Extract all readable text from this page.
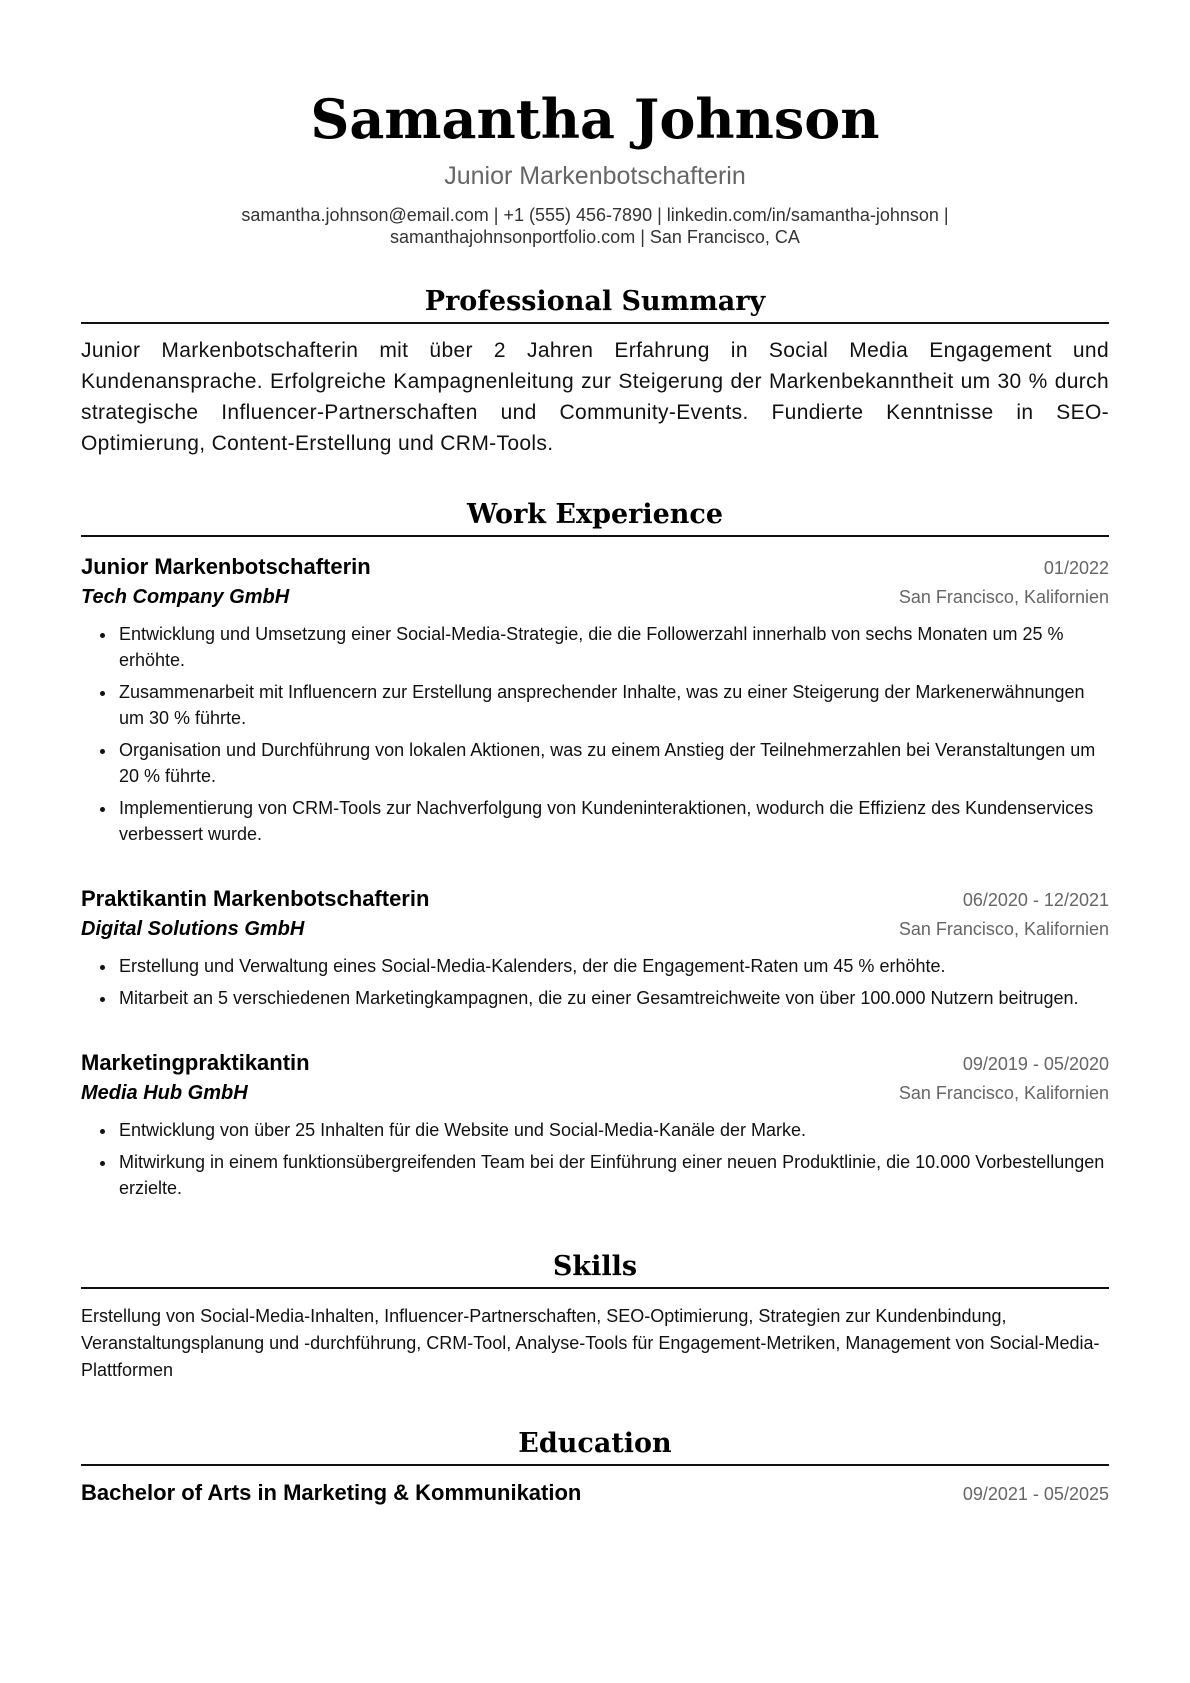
Samantha Johnson
Junior Markenbotschafterin
samantha.johnson@email.com | +1 (555) 456-7890 | linkedin.com/in/samantha-johnson |
samanthajohnsonportfolio.com | San Francisco, CA
Professional Summary
Junior Markenbotschafterin mit über 2 Jahren Erfahrung in Social Media Engagement und Kundenansprache. Erfolgreiche Kampagnenleitung zur Steigerung der Markenbekanntheit um 30 % durch strategische Influencer-Partnerschaften und Community-Events. Fundierte Kenntnisse in SEO-Optimierung, Content-Erstellung und CRM-Tools.
Work Experience
Junior Markenbotschafterin	01/2022
Tech Company GmbH	San Francisco, Kalifornien
• Entwicklung und Umsetzung einer Social-Media-Strategie, die die Followerzahl innerhalb von sechs Monaten um 25 % erhöhte.
• Zusammenarbeit mit Influencern zur Erstellung ansprechender Inhalte, was zu einer Steigerung der Markenerwähnungen um 30 % führte.
• Organisation und Durchführung von lokalen Aktionen, was zu einem Anstieg der Teilnehmerzahlen bei Veranstaltungen um 20 % führte.
• Implementierung von CRM-Tools zur Nachverfolgung von Kundeninteraktionen, wodurch die Effizienz des Kundenservices verbessert wurde.
Praktikantin Markenbotschafterin	06/2020 - 12/2021
Digital Solutions GmbH	San Francisco, Kalifornien
• Erstellung und Verwaltung eines Social-Media-Kalenders, der die Engagement-Raten um 45 % erhöhte.
• Mitarbeit an 5 verschiedenen Marketingkampagnen, die zu einer Gesamtreichweite von über 100.000 Nutzern beitrugen.
Marketingpraktikantin	09/2019 - 05/2020
Media Hub GmbH	San Francisco, Kalifornien
• Entwicklung von über 25 Inhalten für die Website und Social-Media-Kanäle der Marke.
• Mitwirkung in einem funktionsübergreifenden Team bei der Einführung einer neuen Produktlinie, die 10.000 Vorbestellungen erzielte.
Skills
Erstellung von Social-Media-Inhalten, Influencer-Partnerschaften, SEO-Optimierung, Strategien zur Kundenbindung, Veranstaltungsplanung und -durchführung, CRM-Tool, Analyse-Tools für Engagement-Metriken, Management von Social-Media-Plattformen
Education
Bachelor of Arts in Marketing & Kommunikation	09/2021 - 05/2025
